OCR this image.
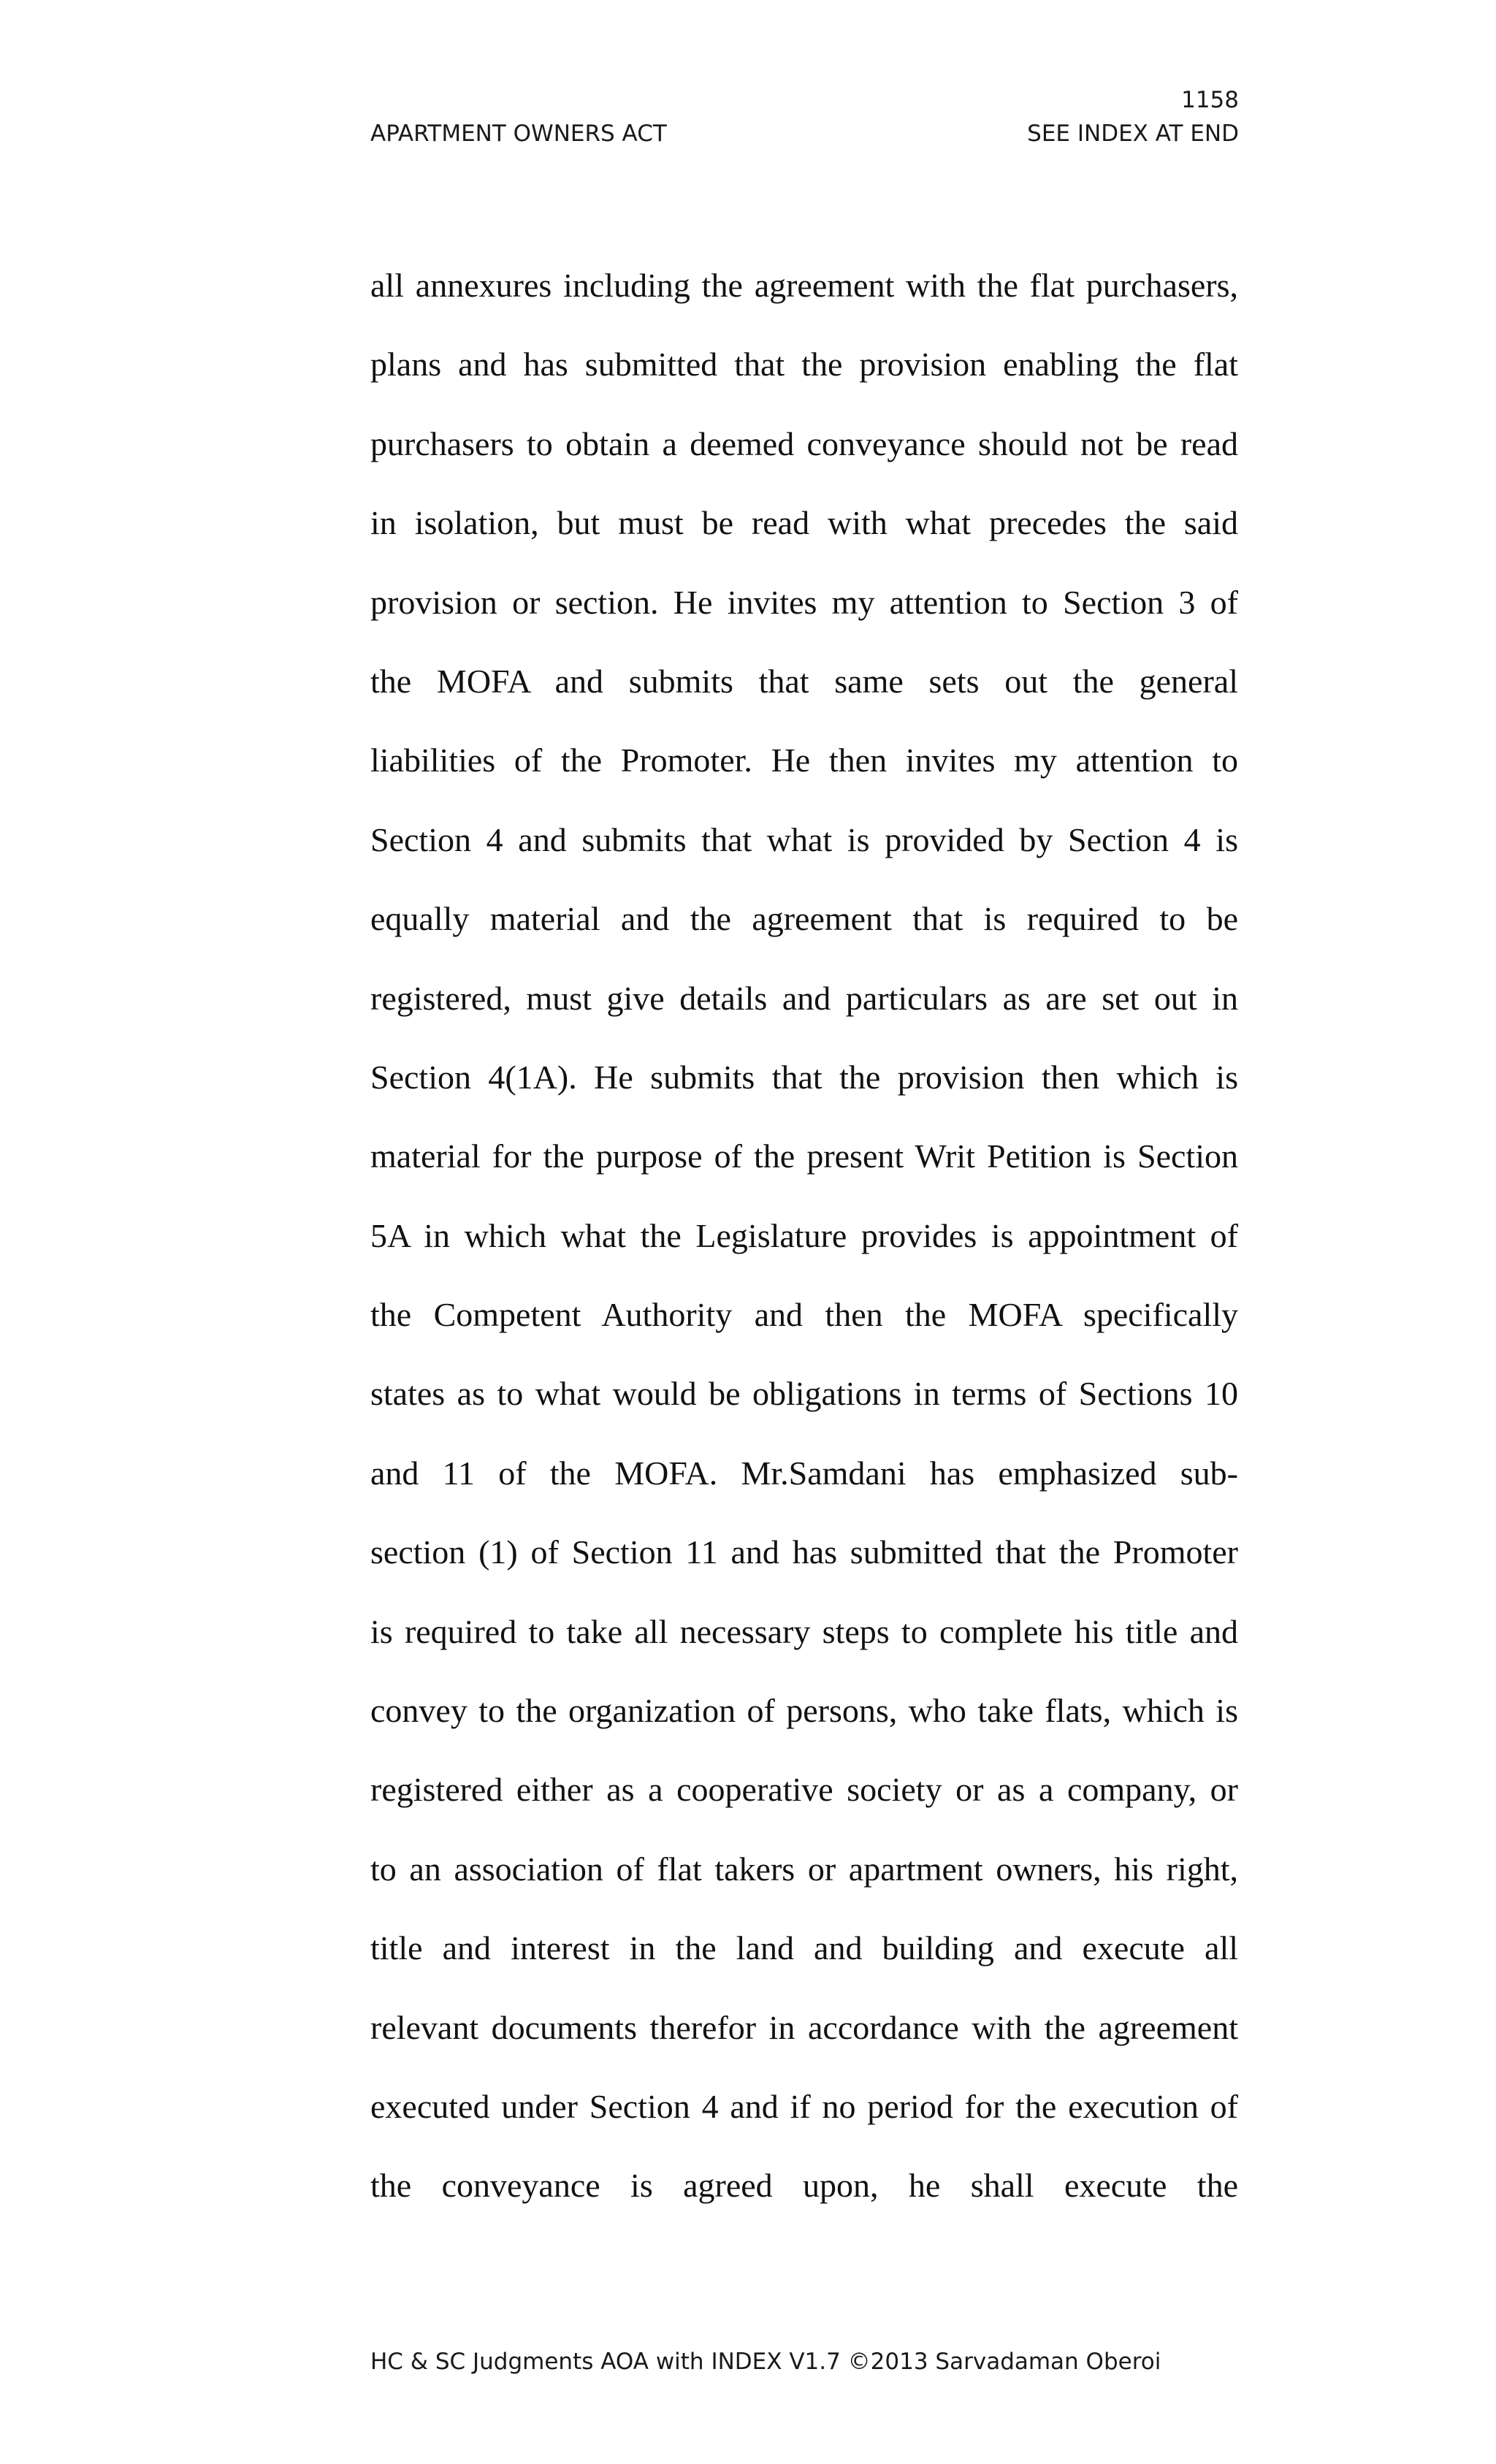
1158
APARTMENT OWNERS ACT	SEE INDEX AT END
all annexures including the agreement with the flat purchasers,
plans and has submitted that the provision enabling the flat
purchasers to obtain a deemed conveyance should not be read
in isolation, but must be read with what precedes the said
provision or section. He invites my attention to Section 3 of
the MOFA and submits that same sets out the general
liabilities of the Promoter. He then invites my attention to
Section 4 and submits that what is provided by Section 4 is
equally material and the agreement that is required to be
registered, must give details and particulars as are set out in
Section 4(1A). He submits that the provision then which is
material for the purpose of the present Writ Petition is Section
5A in which what the Legislature provides is appointment of
the Competent Authority and then the MOFA specifically
states as to what would be obligations in terms of Sections 10
and 11 of the MOFA. Mr.Samdani has emphasized sub-
section (1) of Section 11 and has submitted that the Promoter
is required to take all necessary steps to complete his title and
convey to the organization of persons, who take flats, which is
registered either as a cooperative society or as a company, or
to an association of flat takers or apartment owners, his right,
title and interest in the land and building and execute all
relevant documents therefor in accordance with the agreement
executed under Section 4 and if no period for the execution of
the conveyance is agreed upon, he shall execute the
HC & SC Judgments AOA with INDEX V1.7 ©2013 Sarvadaman Oberoi
